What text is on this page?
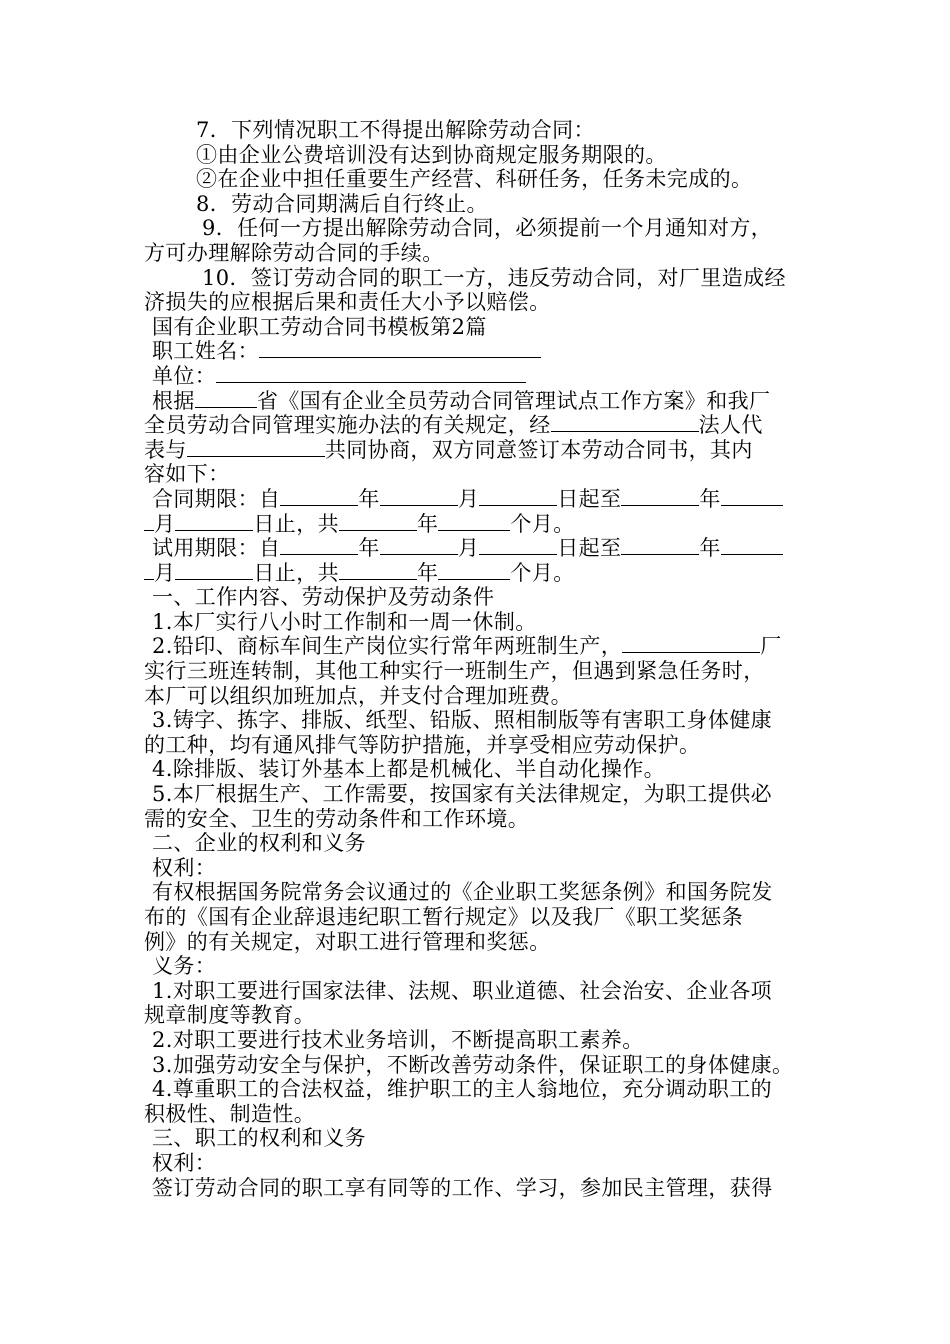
7．下列情况职工不得提出解除劳动合同：
①由企业公费培训没有达到协商规定服务期限的。
②在企业中担任重要生产经营、科研任务，任务未完成的。
8．劳动合同期满后自行终止。
9．任何一方提出解除劳动合同，必须提前一个月通知对方，
方可办理解除劳动合同的手续。
10．签订劳动合同的职工一方，违反劳动合同，对厂里造成经
济损失的应根据后果和责任大小予以赔偿。
国有企业职工劳动合同书模板第2篇
职工姓名：
单位：
根据	省《国有企业全员劳动合同管理试点工作方案》和我厂
全员劳动合同管理实施办法的有关规定，经	法人代
表与	共同协商，双方同意签订本劳动合同书，其内
容如下：
合同期限：自	年	月	日起至	年
月	日止，共	年	个月。
试用期限：自	年	月	日起至	年
月	日止，共	年	个月。
一、工作内容、劳动保护及劳动条件
1.本厂实行八小时工作制和一周一休制。
2.铅印、商标车间生产岗位实行常年两班制生产，	厂
实行三班连转制，其他工种实行一班制生产，但遇到紧急任务时，
本厂可以组织加班加点，并支付合理加班费。
3.铸字、拣字、排版、纸型、铅版、照相制版等有害职工身体健康
的工种，均有通风排气等防护措施，并享受相应劳动保护。
4.除排版、装订外基本上都是机械化、半自动化操作。
5.本厂根据生产、工作需要，按国家有关法律规定，为职工提供必
需的安全、卫生的劳动条件和工作环境。
二、企业的权利和义务
权利：
有权根据国务院常务会议通过的《企业职工奖惩条例》和国务院发
布的《国有企业辞退违纪职工暂行规定》以及我厂《职工奖惩条
例》的有关规定，对职工进行管理和奖惩。
义务：
1.对职工要进行国家法律、法规、职业道德、社会治安、企业各项
规章制度等教育。
2.对职工要进行技术业务培训，不断提高职工素养。
3.加强劳动安全与保护，不断改善劳动条件，保证职工的身体健康。
4.尊重职工的合法权益，维护职工的主人翁地位，充分调动职工的
积极性、制造性。
三、职工的权利和义务
权利：
签订劳动合同的职工享有同等的工作、学习，参加民主管理，获得
